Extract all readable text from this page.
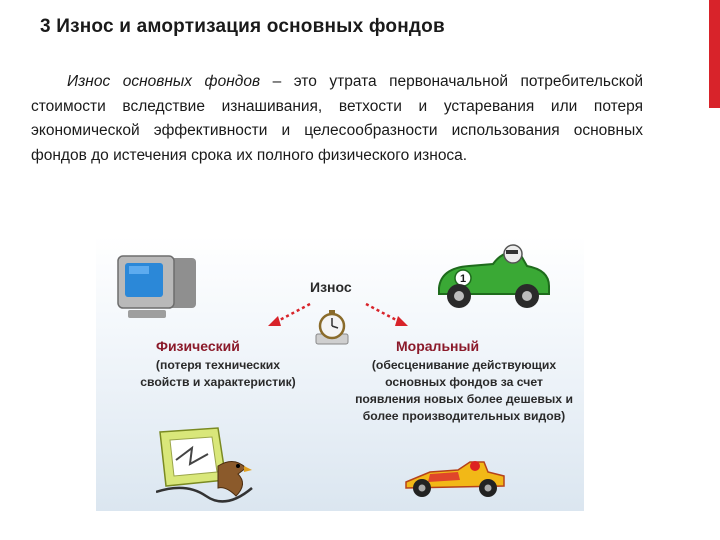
3 Износ и амортизация основных фондов

Износ основных фондов – это утрата первоначальной потребительской стоимости вследствие изнашивания, ветхости и устаревания или потеря экономической эффективности и целесообразности использования основных фондов до истечения срока их полного физического износа.

1
Износ
Физический
(потеря технических
свойств и характеристик)
Моральный
(обесценивание действующих
основных фондов за счет
появления новых более дешевых и
более производительных видов)
